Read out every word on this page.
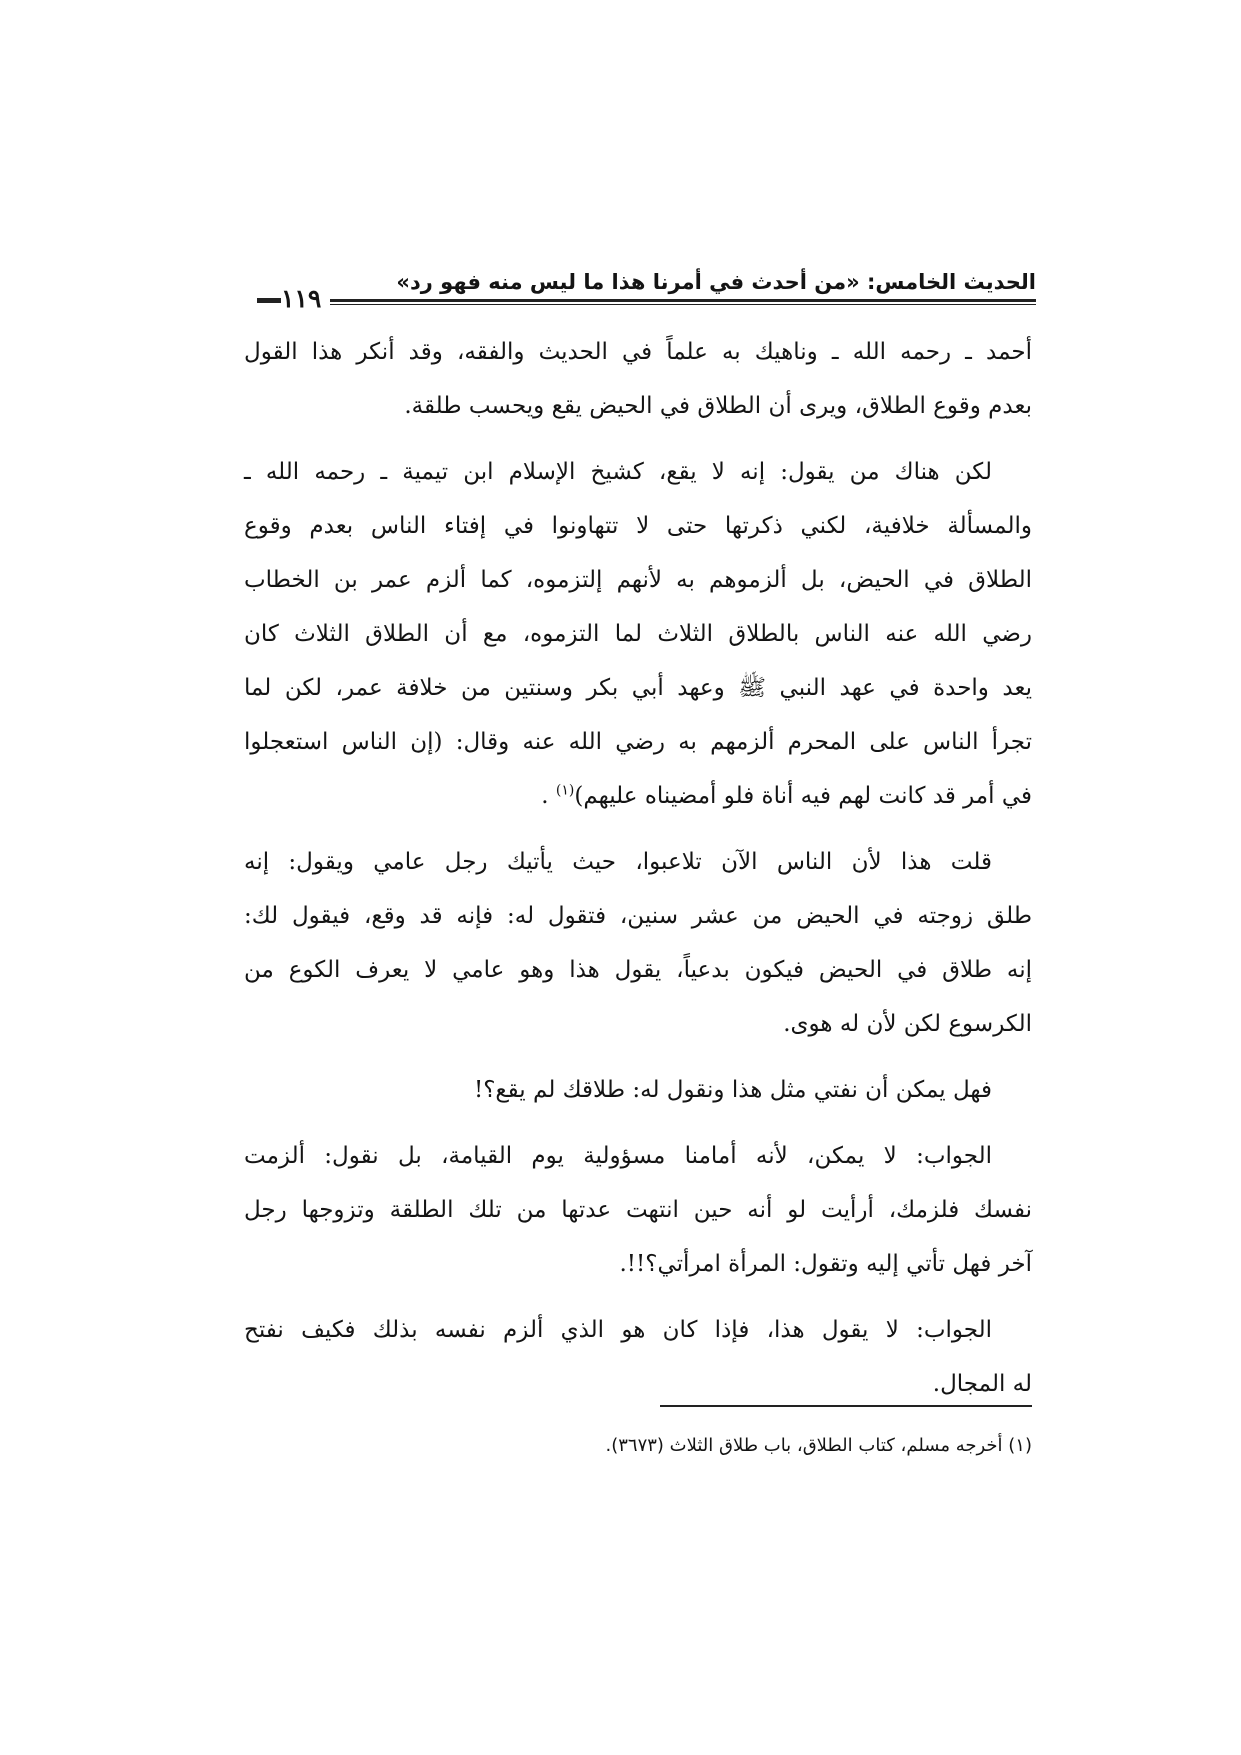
الحديث الخامس: «من أحدث في أمرنا هذا ما ليس منه فهو رد»
١١٩
أحمد ـ رحمه الله ـ وناهيك به علماً في الحديث والفقه، وقد أنكر هذا القول
بعدم وقوع الطلاق، ويرى أن الطلاق في الحيض يقع ويحسب طلقة.
لكن هناك من يقول: إنه لا يقع، كشيخ الإسلام ابن تيمية ـ رحمه الله ـ
والمسألة خلافية، لكني ذكرتها حتى لا تتهاونوا في إفتاء الناس بعدم وقوع
الطلاق في الحيض، بل ألزموهم به لأنهم إلتزموه، كما ألزم عمر بن الخطاب
رضي الله عنه الناس بالطلاق الثلاث لما التزموه، مع أن الطلاق الثلاث كان
يعد واحدة في عهد النبي ﷺ وعهد أبي بكر وسنتين من خلافة عمر، لكن لما
تجرأ الناس على المحرم ألزمهم به رضي الله عنه وقال: (إن الناس استعجلوا
في أمر قد كانت لهم فيه أناة فلو أمضيناه عليهم)$^{(١)}$ .
قلت هذا لأن الناس الآن تلاعبوا، حيث يأتيك رجل عامي ويقول: إنه
طلق زوجته في الحيض من عشر سنين، فتقول له: فإنه قد وقع، فيقول لك:
إنه طلاق في الحيض فيكون بدعياً، يقول هذا وهو عامي لا يعرف الكوع من
الكرسوع لكن لأن له هوى.
فهل يمكن أن نفتي مثل هذا ونقول له: طلاقك لم يقع؟!
الجواب: لا يمكن، لأنه أمامنا مسؤولية يوم القيامة، بل نقول: ألزمت
نفسك فلزمك، أرأيت لو أنه حين انتهت عدتها من تلك الطلقة وتزوجها رجل
آخر فهل تأتي إليه وتقول: المرأة امرأتي؟!!.
الجواب: لا يقول هذا، فإذا كان هو الذي ألزم نفسه بذلك فكيف نفتح
له المجال.
(١) أخرجه مسلم، كتاب الطلاق، باب طلاق الثلاث (٣٦٧٣).
